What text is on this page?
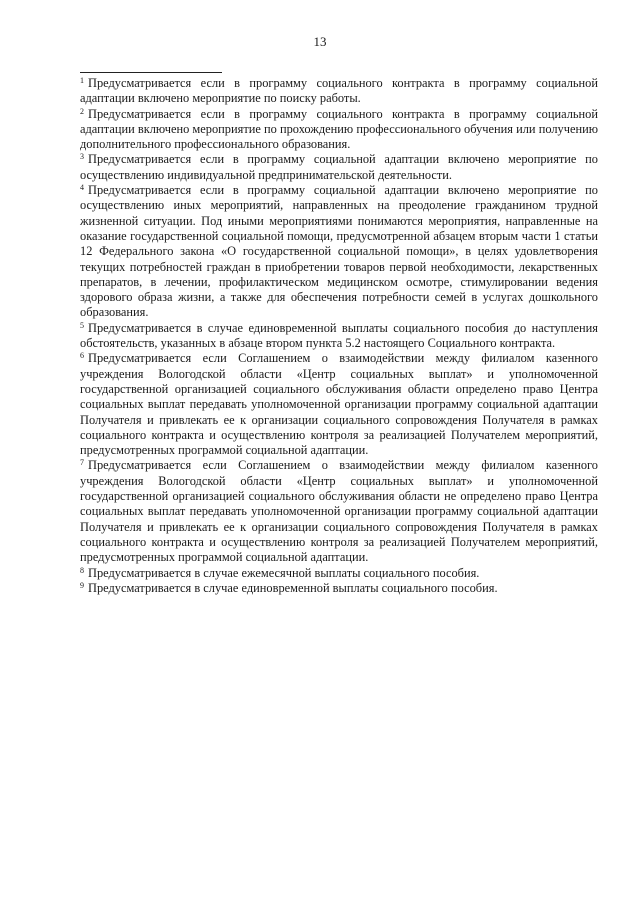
13

$^1$ Предусматривается если в программу социального контракта в программу социальной адаптации включено мероприятие по поиску работы.

$^2$ Предусматривается если в программу социального контракта в программу социальной адаптации включено мероприятие по прохождению профессионального обучения или получению дополнительного профессионального образования.

$^3$ Предусматривается если в программу социальной адаптации включено мероприятие по осуществлению индивидуальной предпринимательской деятельности.

$^4$ Предусматривается если в программу социальной адаптации включено мероприятие по осуществлению иных мероприятий, направленных на преодоление гражданином трудной жизненной ситуации. Под иными мероприятиями понимаются мероприятия, направленные на оказание государственной социальной помощи, предусмотренной абзацем вторым части 1 статьи 12 Федерального закона «О государственной социальной помощи», в целях удовлетворения текущих потребностей граждан в приобретении товаров первой необходимости, лекарственных препаратов, в лечении, профилактическом медицинском осмотре, стимулировании ведения здорового образа жизни, а также для обеспечения потребности семей в услугах дошкольного образования.

$^5$ Предусматривается в случае единовременной выплаты социального пособия до наступления обстоятельств, указанных в абзаце втором пункта 5.2 настоящего Социального контракта.

$^6$ Предусматривается если Соглашением о взаимодействии между филиалом казенного учреждения Вологодской области «Центр социальных выплат» и уполномоченной государственной организацией социального обслуживания области определено право Центра социальных выплат передавать уполномоченной организации программу социальной адаптации Получателя и привлекать ее к организации социального сопровождения Получателя в рамках социального контракта и осуществлению контроля за реализацией Получателем мероприятий, предусмотренных программой социальной адаптации.

$^7$ Предусматривается если Соглашением о взаимодействии между филиалом казенного учреждения Вологодской области «Центр социальных выплат» и уполномоченной государственной организацией социального обслуживания области не определено право Центра социальных выплат передавать уполномоченной организации программу социальной адаптации Получателя и привлекать ее к организации социального сопровождения Получателя в рамках социального контракта и осуществлению контроля за реализацией Получателем мероприятий, предусмотренных программой социальной адаптации.

$^8$ Предусматривается в случае ежемесячной выплаты социального пособия.

$^9$ Предусматривается в случае единовременной выплаты социального пособия.
